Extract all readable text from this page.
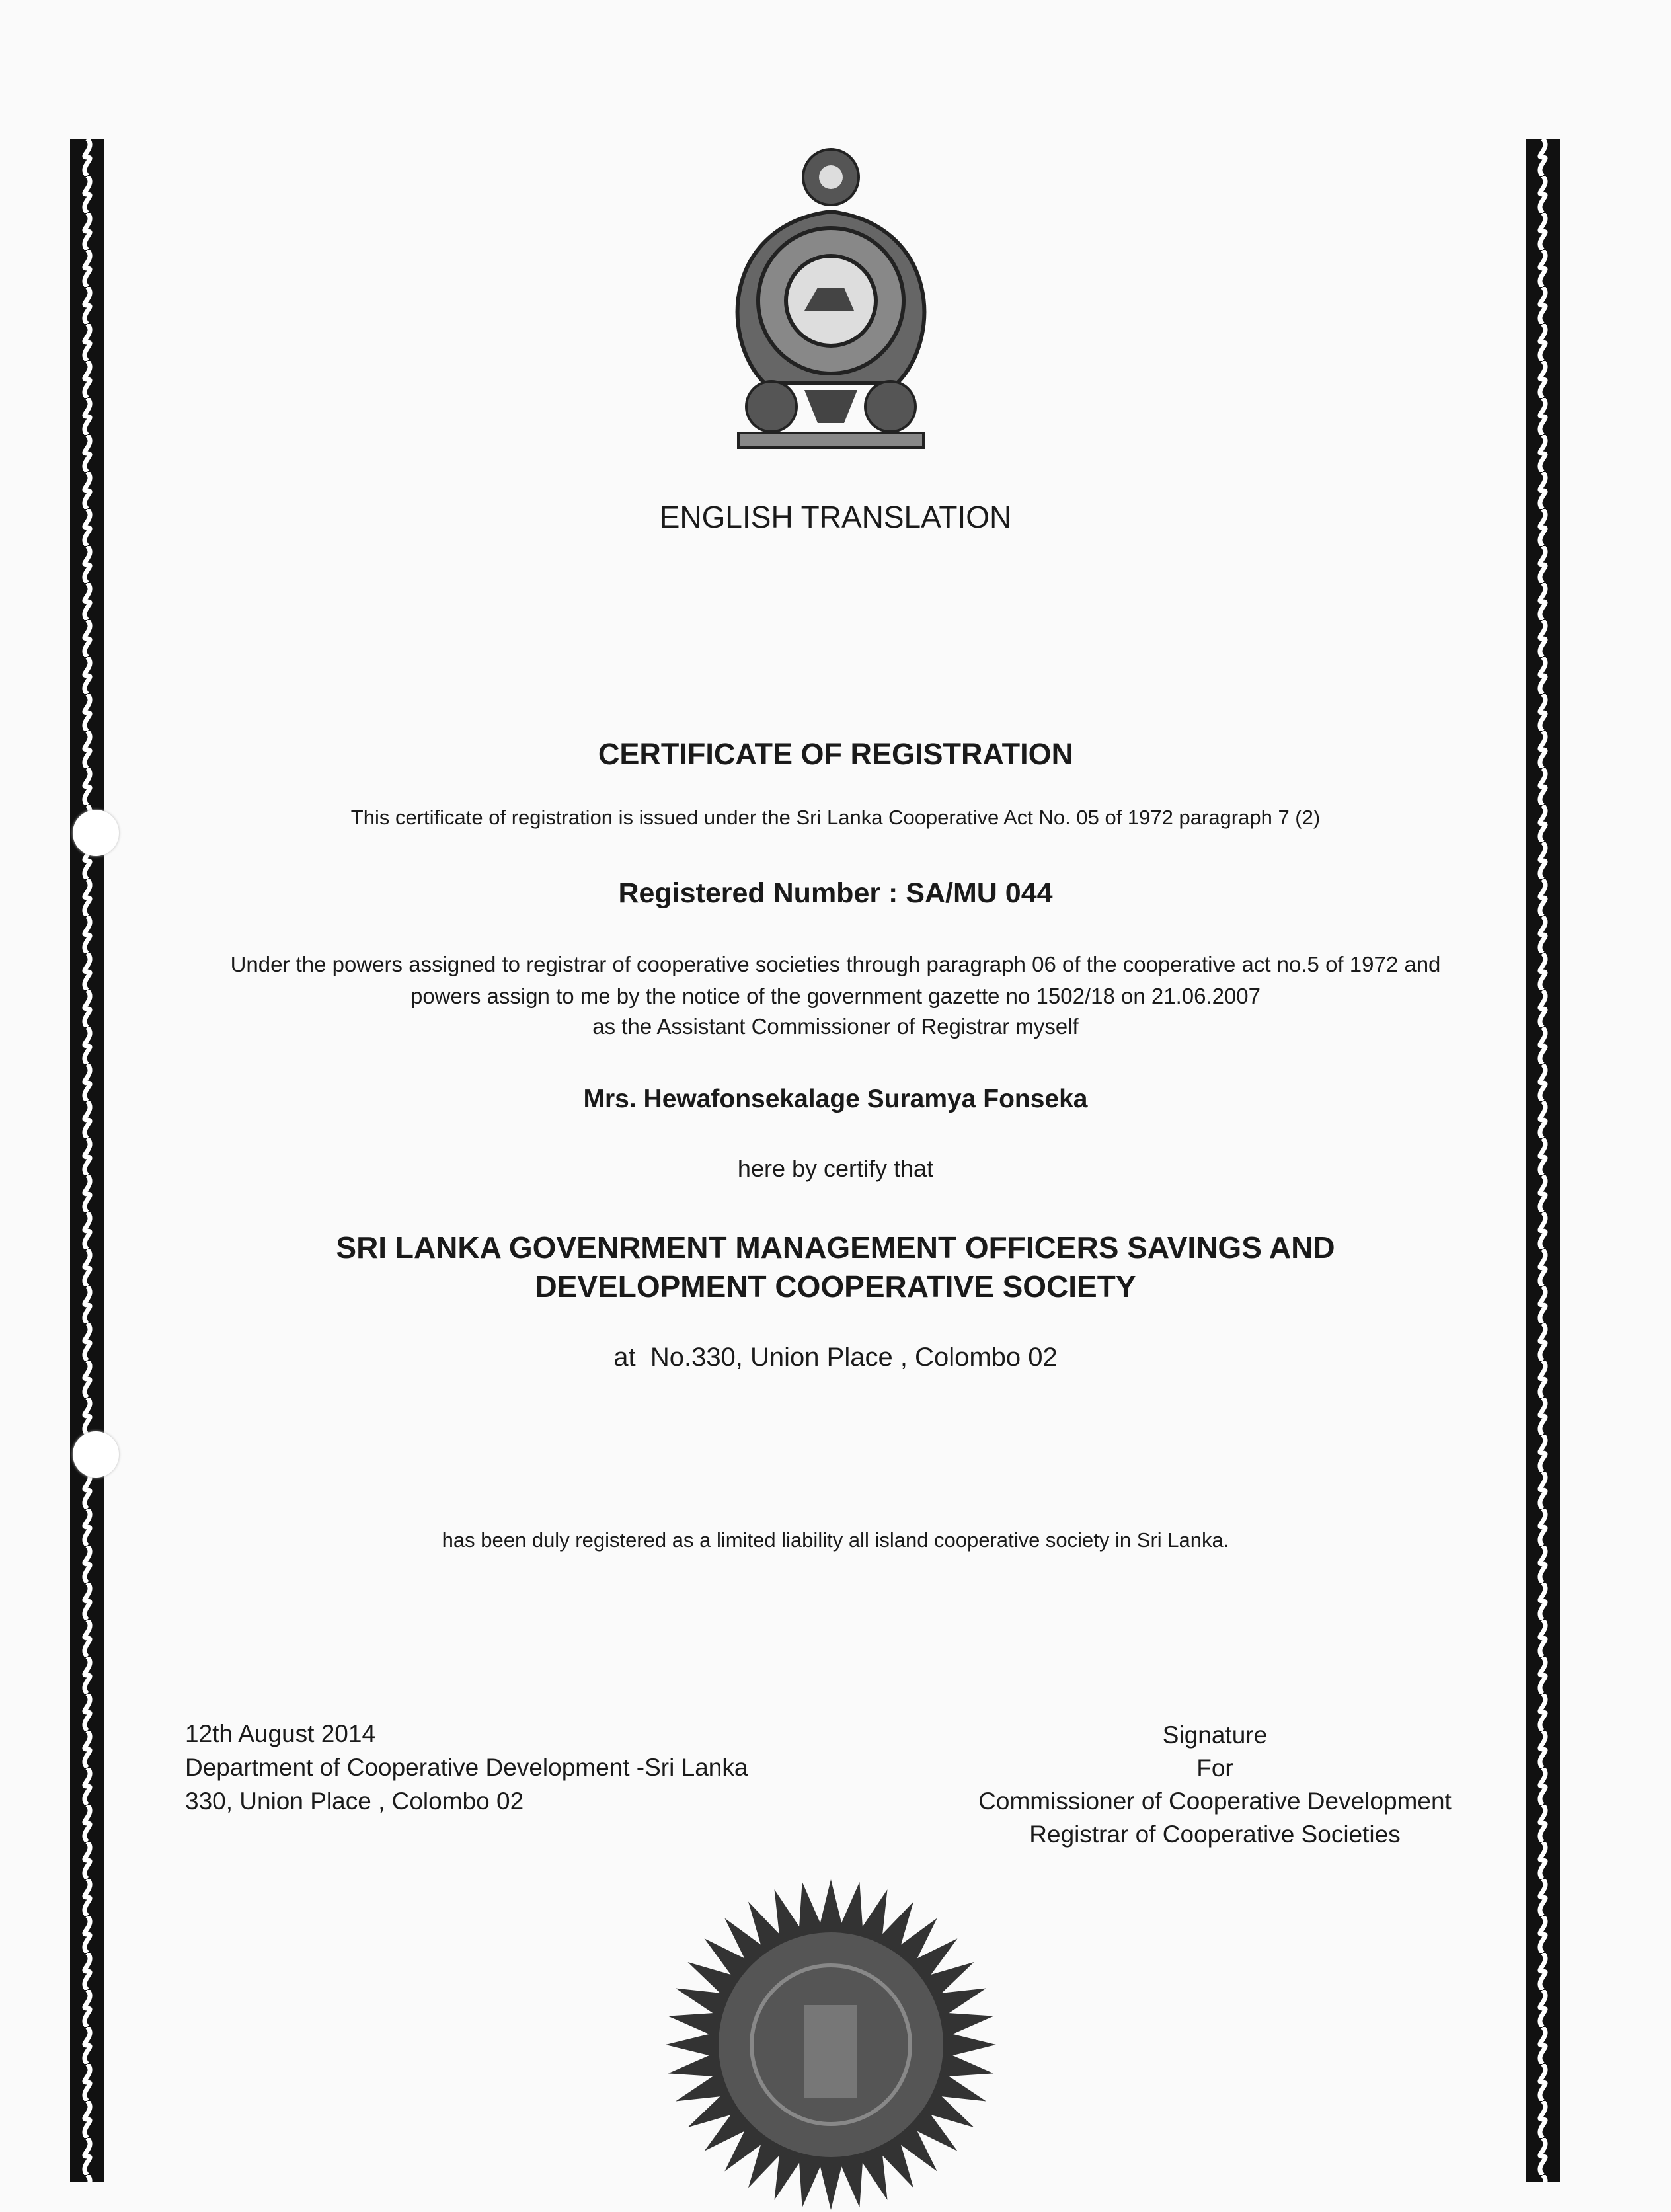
ENGLISH TRANSLATION
CERTIFICATE OF REGISTRATION
This certificate of registration is issued under the Sri Lanka Cooperative Act No. 05 of 1972 paragraph 7 (2)
Registered Number : SA/MU 044
Under the powers assigned to registrar of cooperative societies through paragraph 06 of the cooperative act no.5 of 1972 and
powers assign to me by the notice of the government gazette no 1502/18 on 21.06.2007
as the Assistant Commissioner of Registrar myself
Mrs. Hewafonsekalage Suramya Fonseka
here by certify that
SRI LANKA GOVENRMENT MANAGEMENT OFFICERS SAVINGS AND
DEVELOPMENT COOPERATIVE SOCIETY
at  No.330, Union Place , Colombo 02
has been duly registered as a limited liability all island cooperative society in Sri Lanka.
12th August 2014
Department of Cooperative Development -Sri Lanka
330, Union Place , Colombo 02
Signature
For
Commissioner of Cooperative Development
Registrar of Cooperative Societies
